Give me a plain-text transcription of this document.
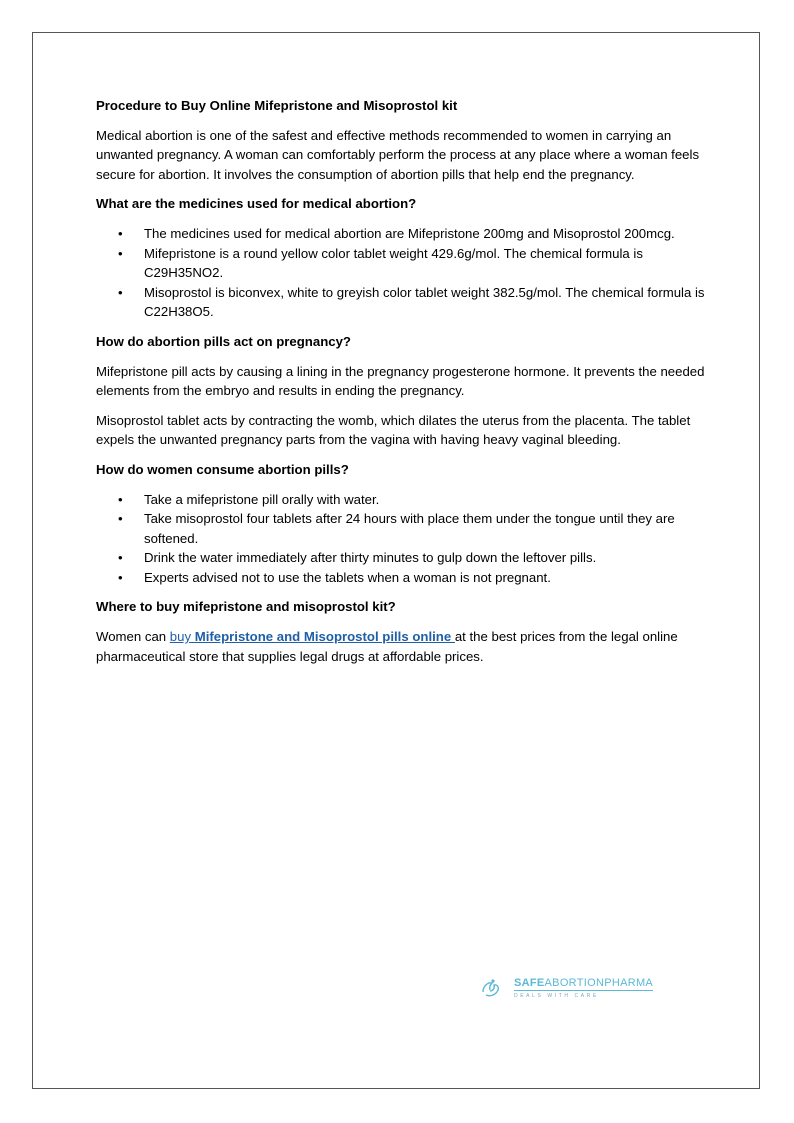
Procedure to Buy Online Mifepristone and Misoprostol kit

Medical abortion is one of the safest and effective methods recommended to women in carrying an unwanted pregnancy. A woman can comfortably perform the process at any place where a woman feels secure for abortion. It involves the consumption of abortion pills that help end the pregnancy.

What are the medicines used for medical abortion?
• The medicines used for medical abortion are Mifepristone 200mg and Misoprostol 200mcg.
• Mifepristone is a round yellow color tablet weight 429.6g/mol. The chemical formula is C29H35NO2.
• Misoprostol is biconvex, white to greyish color tablet weight 382.5g/mol. The chemical formula is C22H38O5.
How do abortion pills act on pregnancy?

Mifepristone pill acts by causing a lining in the pregnancy progesterone hormone. It prevents the needed elements from the embryo and results in ending the pregnancy.

Misoprostol tablet acts by contracting the womb, which dilates the uterus from the placenta. The tablet expels the unwanted pregnancy parts from the vagina with having heavy vaginal bleeding.

How do women consume abortion pills?
• Take a mifepristone pill orally with water.
• Take misoprostol four tablets after 24 hours with place them under the tongue until they are softened.
• Drink the water immediately after thirty minutes to gulp down the leftover pills.
• Experts advised not to use the tablets when a woman is not pregnant.
Where to buy mifepristone and misoprostol kit?

Women can buy Mifepristone and Misoprostol pills online at the best prices from the legal online pharmaceutical store that supplies legal drugs at affordable prices.

SAFEABORTIONPHARMA
DEALS WITH CARE
